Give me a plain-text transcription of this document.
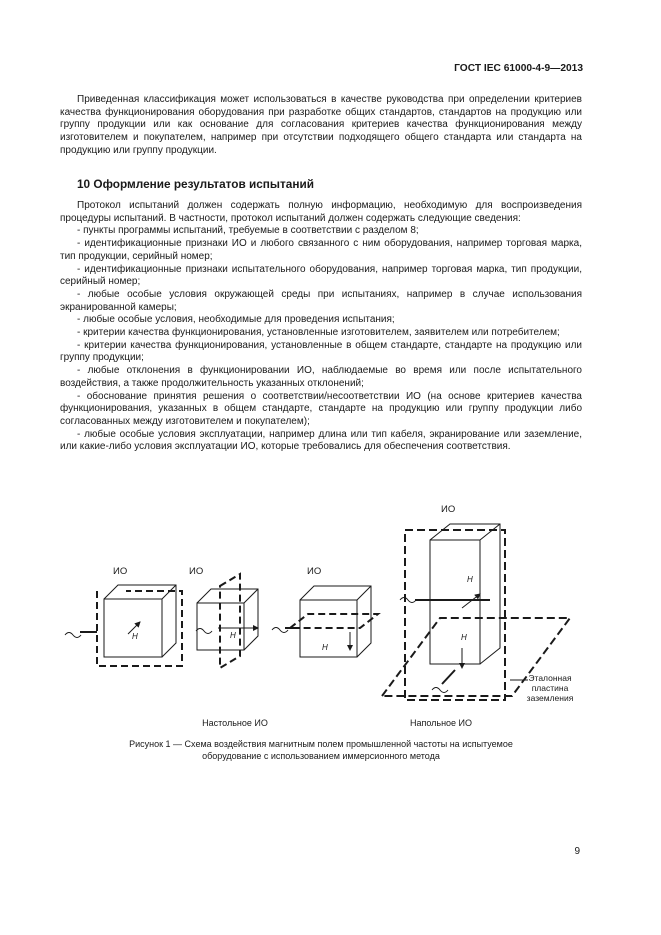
ГОСТ IEC 61000-4-9—2013
Приведенная классификация может использоваться в качестве руководства при определении критериев качества функционирования оборудования при разработке общих стандартов, стандартов на продукцию или группу продукции или как основание для согласования критериев качества функционирования между изготовителем и покупателем, например при отсутствии подходящего общего стандарта или стандарта на продукцию или группу продукции.
10 Оформление результатов испытаний

Протокол испытаний должен содержать полную информацию, необходимую для воспроизведения процедуры испытаний. В частности, протокол испытаний должен содержать следующие сведения:

- пункты программы испытаний, требуемые в соответствии с разделом 8;

- идентификационные признаки ИО и любого связанного с ним оборудования, например торговая марка, тип продукции, серийный номер;

- идентификационные признаки испытательного оборудования, например торговая марка, тип продукции, серийный номер;

- любые особые условия окружающей среды при испытаниях, например в случае использования экранированной камеры;

- любые особые условия, необходимые для проведения испытания;

- критерии качества функционирования, установленные изготовителем, заявителем или потребителем;

- критерии качества функционирования, установленные в общем стандарте, стандарте на продукцию или группу продукции;

- любые отклонения в функционировании ИО, наблюдаемые во время или после испытательного воздействия, а также продолжительность указанных отклонений;

- обоснование принятия решения о соответствии/несоответствии ИО (на основе критериев качества функционирования, указанных в общем стандарте, стандарте на продукцию или группу продукции либо согласованных между изготовителем и покупателем);

- любые особые условия эксплуатации, например длина или тип кабеля, экранирование или заземление, или какие-либо условия эксплуатации ИО, которые требовались для обеспечения соответствия.

ИО	ИО	ИО
ИО
H	H
H
H
H
Эталонная
пластина
заземления
Настольное ИО	Напольное ИО
Рисунок 1 — Схема воздействия магнитным полем промышленной частоты на испытуемое
оборудование с использованием иммерсионного метода
9
